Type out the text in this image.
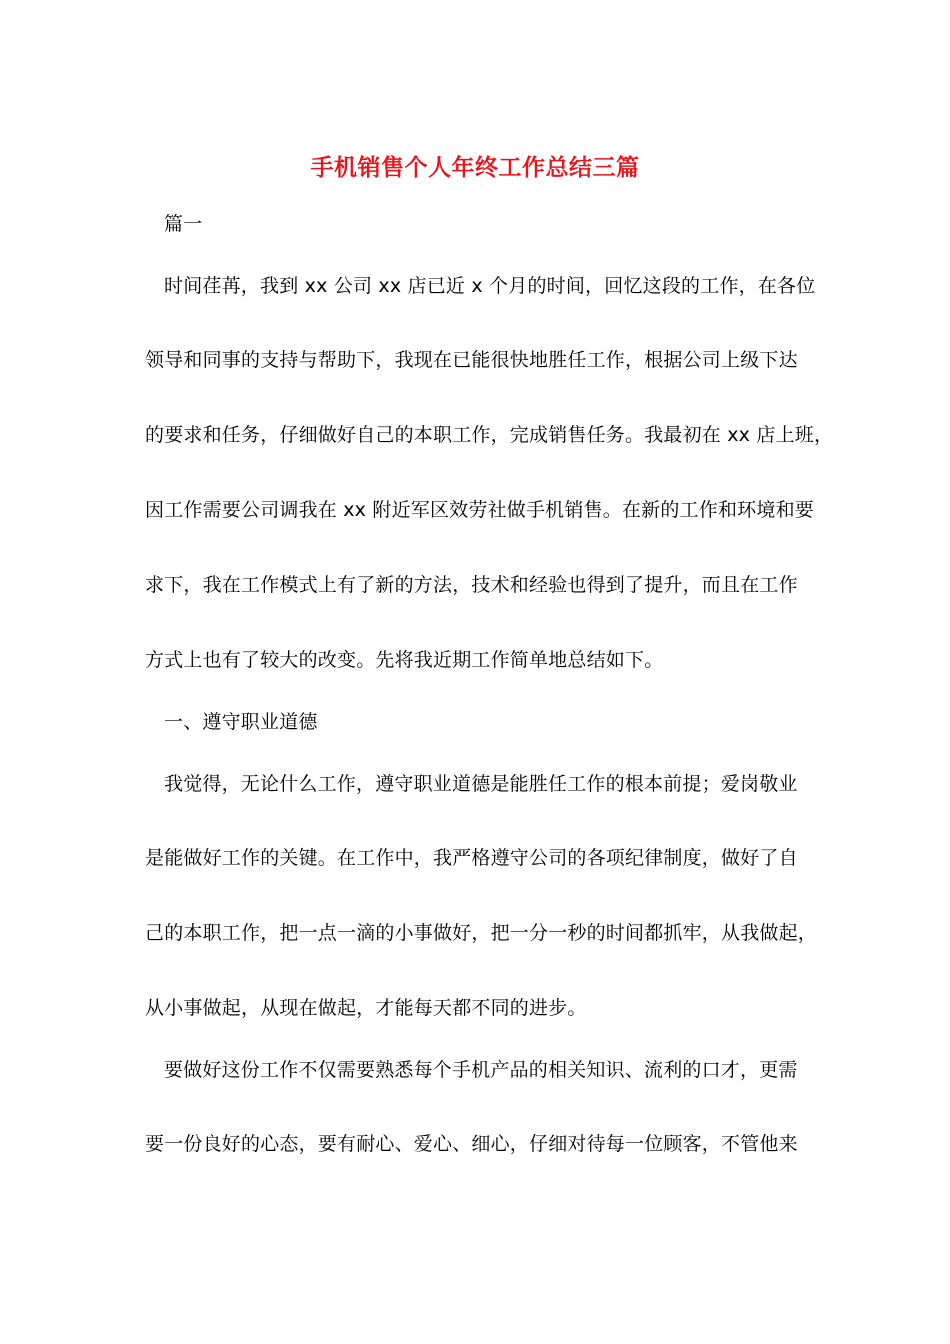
手机销售个人年终工作总结三篇
篇一
时间荏苒，我到 xx 公司 xx 店已近 x 个月的时间，回忆这段的工作，在各位
领导和同事的支持与帮助下，我现在已能很快地胜任工作，根据公司上级下达
的要求和任务，仔细做好自己的本职工作，完成销售任务。我最初在 xx 店上班，
因工作需要公司调我在 xx 附近军区效劳社做手机销售。在新的工作和环境和要
求下，我在工作模式上有了新的方法，技术和经验也得到了提升，而且在工作
方式上也有了较大的改变。先将我近期工作简单地总结如下。
一、遵守职业道德
我觉得，无论什么工作，遵守职业道德是能胜任工作的根本前提；爱岗敬业
是能做好工作的关键。在工作中，我严格遵守公司的各项纪律制度，做好了自
己的本职工作，把一点一滴的小事做好，把一分一秒的时间都抓牢，从我做起，
从小事做起，从现在做起，才能每天都不同的进步。
要做好这份工作不仅需要熟悉每个手机产品的相关知识、流利的口才，更需
要一份良好的心态，要有耐心、爱心、细心，仔细对待每一位顾客，不管他来
